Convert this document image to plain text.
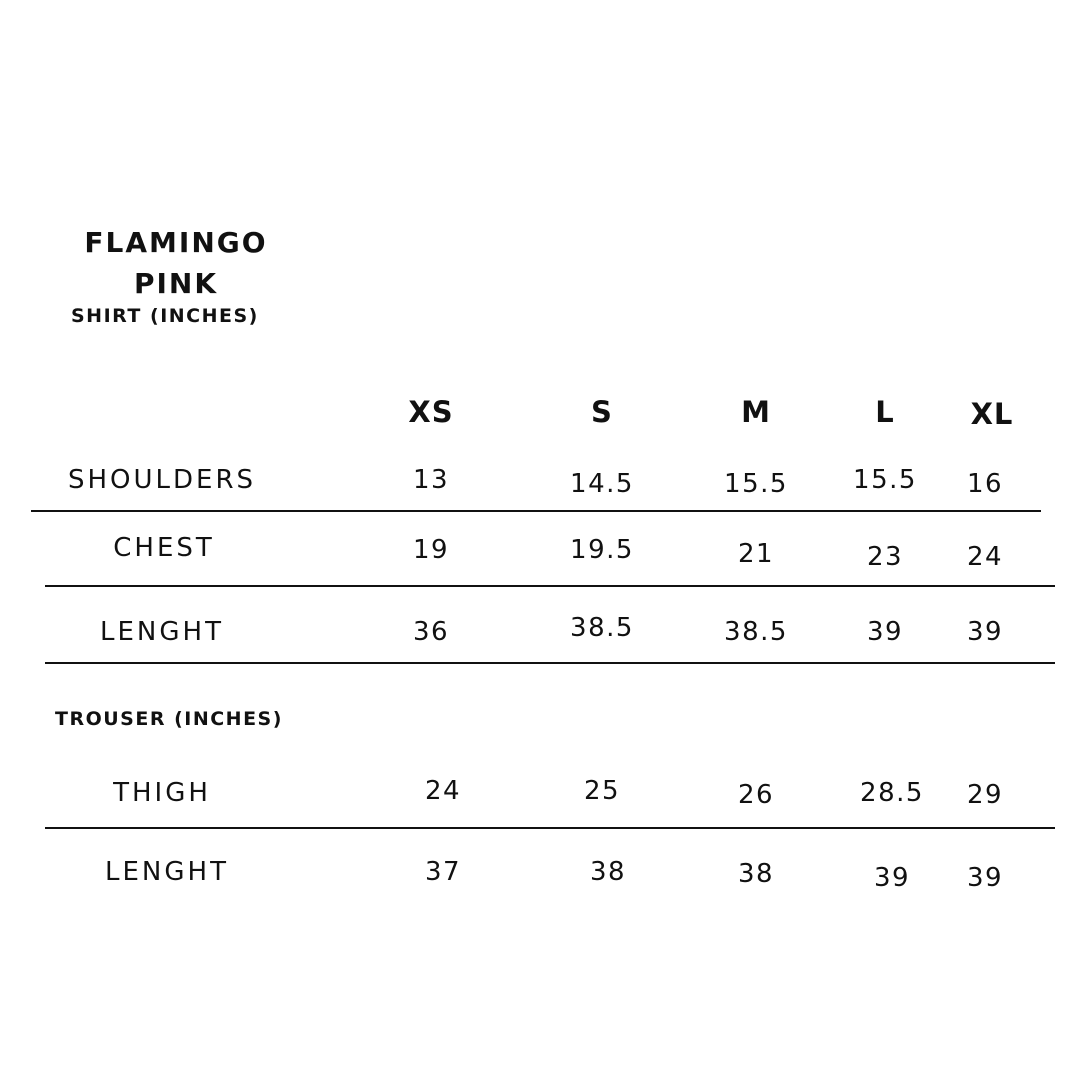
FLAMINGO
PINK
SHIRT (INCHES)
XS	S	M	L	XL
SHOULDERS	13	14.5	15.5	15.5	16
CHEST	19	19.5	21	23	24
LENGHT	36	38.5	38.5	39	39
TROUSER (INCHES)
THIGH	24	25	26	28.5	29
LENGHT	37	38	38	39	39
